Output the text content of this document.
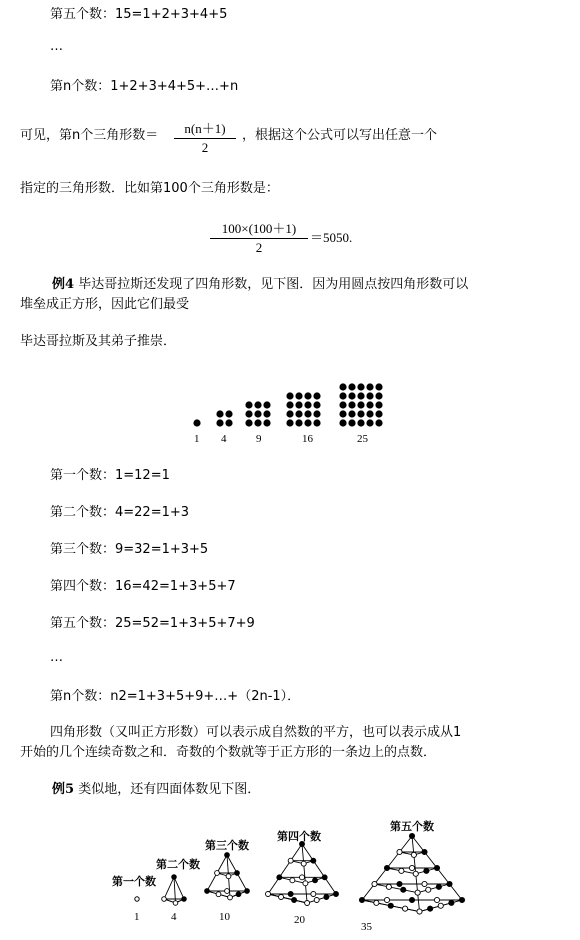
第五个数：15=1+2+3+4+5
…
第n个数：1+2+3+4+5+…+n
可见，第n个三角形数＝	n(n＋1)
2
，根据这个公式可以写出任意一个
指定的三角形数．比如第100个三角形数是：
100×(100＋1)
2
＝5050.
例4 毕达哥拉斯还发现了四角形数，见下图．因为用圆点按四角形数可以
堆垒成正方形，因此它们最受
毕达哥拉斯及其弟子推崇．
1 4	9	16	25
第一个数：1=12=1
第二个数：4=22=1+3
第三个数：9=32=1+3+5
第四个数：16=42=1+3+5+7
第五个数：25=52=1+3+5+7+9
…
第n个数：n2=1+3+5+9+…+（2n-1）．
四角形数（又叫正方形数）可以表示成自然数的平方，也可以表示成从1
开始的几个连续奇数之和．奇数的个数就等于正方形的一条边上的点数．
例5 类似地，还有四面体数见下图．
第一个数
第二个数
第三个数
第四个数
第五个数
1	4	10	20
35
